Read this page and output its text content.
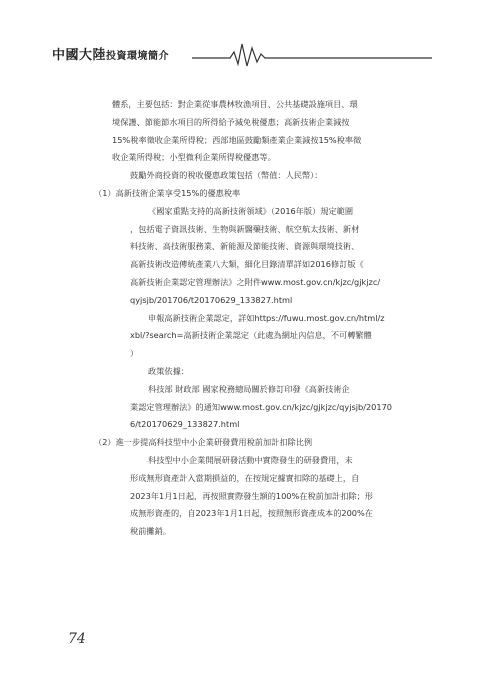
中國大陸投資環境簡介
體系，主要包括：對企業從事農林牧漁項目、公共基礎設施項目、環
境保護、節能節水項目的所得給予減免稅優惠；高新技術企業減按
15%稅率徵收企業所得稅；西部地區鼓勵類產業企業減按15%稅率徵
收企業所得稅；小型微利企業所得稅優惠等。
鼓勵外商投資的稅收優惠政策包括（幣值：人民幣）：
（1）高新技術企業享受15%的優惠稅率
《國家重點支持的高新技術領域》（2016年版）規定範圍
，包括電子資訊技術、生物與新醫藥技術、航空航太技術、新材
料技術、高技術服務業、新能源及節能技術、資源與環境技術、
高新技術改造傳統產業八大類，細化目錄清單詳如2016修訂版《
高新技術企業認定管理辦法》之附件www.most.gov.cn/kjzc/gjkjzc/
qyjsjb/201706/t20170629_133827.html
申報高新技術企業認定，詳如https://fuwu.most.gov.cn/html/z
xbl/?search=高新技術企業認定（此處為網址內信息，不可轉繁體
）
政策依據：
科技部 財政部 國家稅務總局關於修訂印發《高新技術企
業認定管理辦法》的通知www.most.gov.cn/kjzc/gjkjzc/qyjsjb/20170
6/t20170629_133827.html
（2）進一步提高科技型中小企業研發費用稅前加計扣除比例
科技型中小企業開展研發活動中實際發生的研發費用，未
形成無形資產計入當期損益的，在按規定據實扣除的基礎上，自
2023年1月1日起，再按照實際發生額的100%在稅前加計扣除；形
成無形資產的，自2023年1月1日起，按照無形資產成本的200%在
稅前攤銷。
74
